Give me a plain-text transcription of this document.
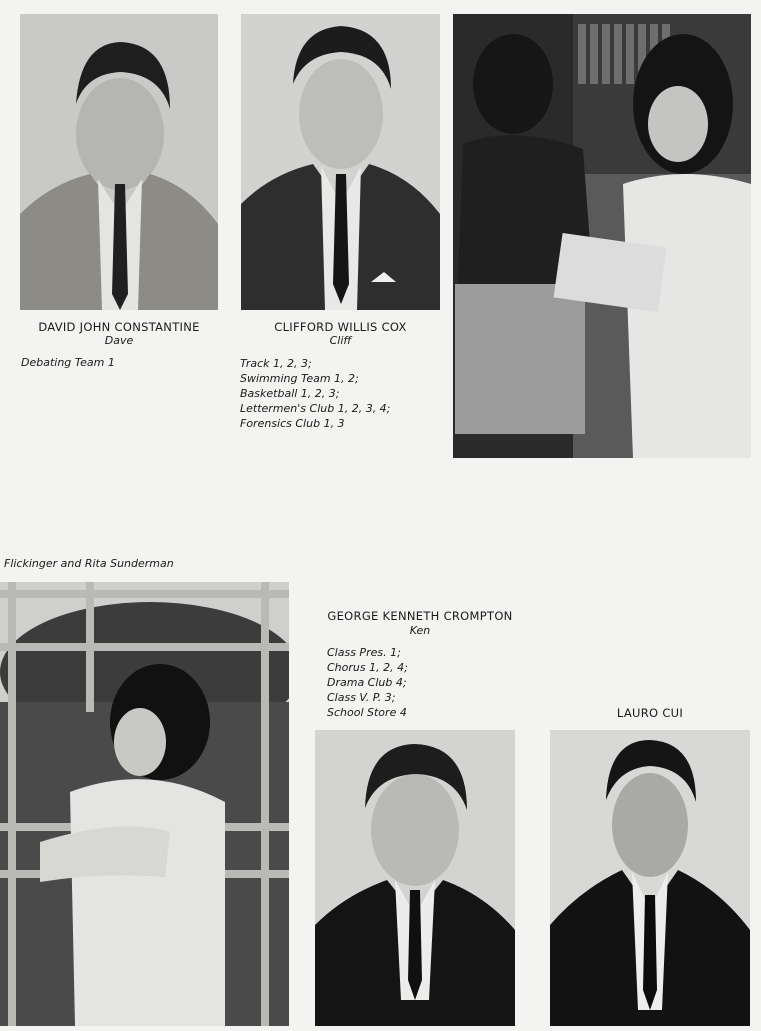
DAVID JOHN CONSTANTINE
Dave
Debating Team 1
CLIFFORD WILLIS COX
Cliff
Track 1, 2, 3;
Swimming Team 1, 2;
Basketball 1, 2, 3;
Lettermen's Club 1, 2, 3, 4;
Forensics Club 1, 3
Flickinger and Rita Sunderman
GEORGE KENNETH CROMPTON
Ken
Class Pres. 1;
Chorus 1, 2, 4;
Drama Club 4;
Class V. P. 3;
School Store 4	LAURO CUI
